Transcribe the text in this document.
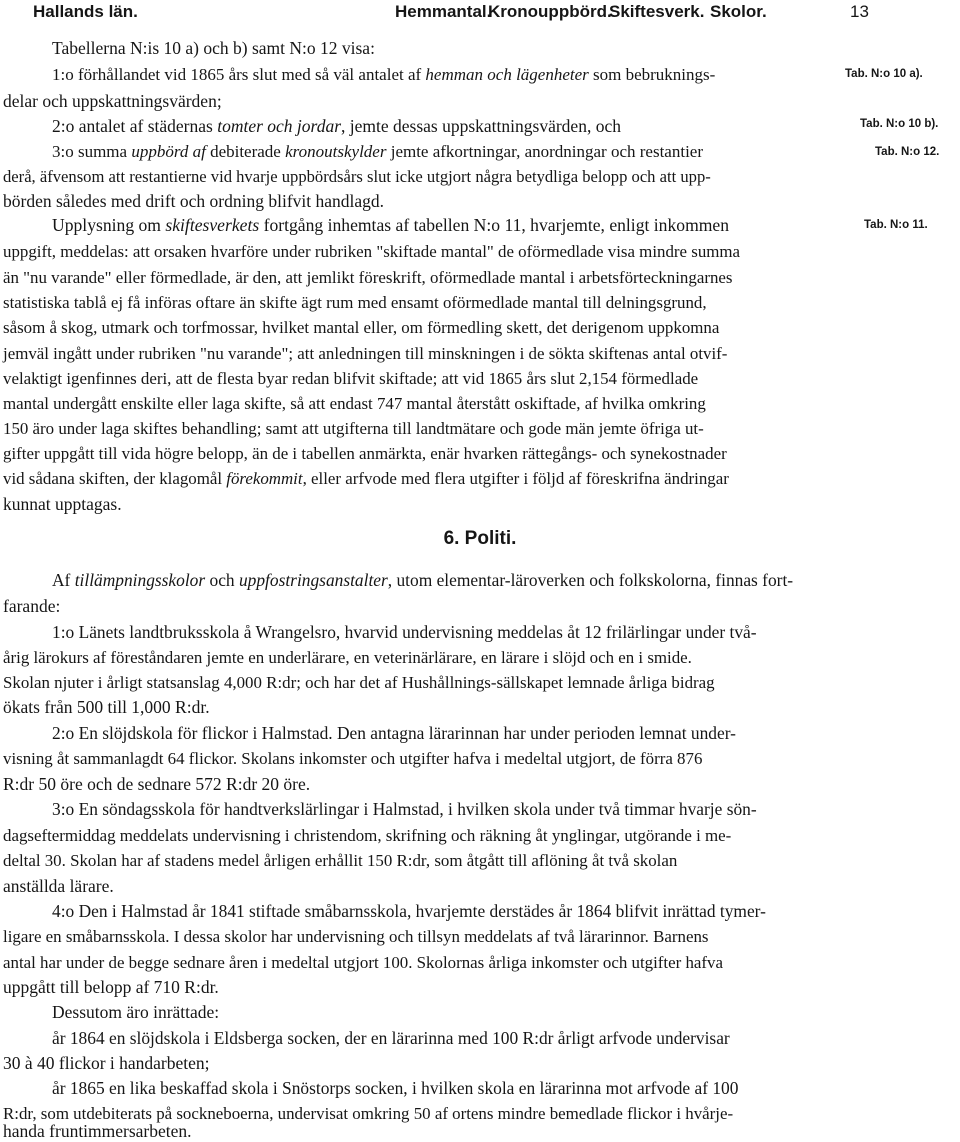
Hallands län.	Hemmantal.
Kronouppbörd.
Skiftesverk. Skolor.	13
Tab. N:o 10 a).
Tab. N:o 10 b).
Tab. N:o 12.
Tab. N:o 11.
Tabellerna N:is 10 a) och b) samt N:o 12 visa:
1:o förhållandet vid 1865 års slut med så väl antalet af hemman och lägenheter som bebruknings-
delar och uppskattningsvärden;
2:o antalet af städernas tomter och jordar, jemte dessas uppskattningsvärden, och
3:o summa uppbörd af debiterade kronoutskylder jemte afkortningar, anordningar och restantier
derå, äfvensom att restantierne vid hvarje uppbördsårs slut icke utgjort några betydliga belopp och att upp-
börden således med drift och ordning blifvit handlagd.
Upplysning om skiftesverkets fortgång inhemtas af tabellen N:o 11, hvarjemte, enligt inkommen
uppgift, meddelas: att orsaken hvarföre under rubriken "skiftade mantal" de oförmedlade visa mindre summa
än "nu varande" eller förmedlade, är den, att jemlikt föreskrift, oförmedlade mantal i arbetsförteckningarnes
statistiska tablå ej få införas oftare än skifte ägt rum med ensamt oförmedlade mantal till delningsgrund,
såsom å skog, utmark och torfmossar, hvilket mantal eller, om förmedling skett, det derigenom uppkomna
jemväl ingått under rubriken "nu varande"; att anledningen till minskningen i de sökta skiftenas antal otvif-
velaktigt igenfinnes deri, att de flesta byar redan blifvit skiftade; att vid 1865 års slut 2,154 förmedlade
mantal undergått enskilte eller laga skifte, så att endast 747 mantal återstått oskiftade, af hvilka omkring
150 äro under laga skiftes behandling; samt att utgifterna till landtmätare och gode män jemte öfriga ut-
gifter uppgått till vida högre belopp, än de i tabellen anmärkta, enär hvarken rättegångs- och synekostnader
vid sådana skiften, der klagomål förekommit, eller arfvode med flera utgifter i följd af föreskrifna ändringar
kunnat upptagas.
6. Politi.
Af tillämpningsskolor och uppfostringsanstalter, utom elementar-läroverken och folkskolorna, finnas fort-
farande:
1:o Länets landtbruksskola å Wrangelsro, hvarvid undervisning meddelas åt 12 frilärlingar under två-
årig lärokurs af föreståndaren jemte en underlärare, en veterinärlärare, en lärare i slöjd och en i smide.
Skolan njuter i årligt statsanslag 4,000 R:dr; och har det af Hushållnings-sällskapet lemnade årliga bidrag
ökats från 500 till 1,000 R:dr.
2:o En slöjdskola för flickor i Halmstad. Den antagna lärarinnan har under perioden lemnat under-
visning åt sammanlagdt 64 flickor. Skolans inkomster och utgifter hafva i medeltal utgjort, de förra 876
R:dr 50 öre och de sednare 572 R:dr 20 öre.
3:o En söndagsskola för handtverkslärlingar i Halmstad, i hvilken skola under två timmar hvarje sön-
dagseftermiddag meddelats undervisning i christendom, skrifning och räkning åt ynglingar, utgörande i me-
deltal 30. Skolan har af stadens medel årligen erhållit 150 R:dr, som åtgått till aflöning åt två skolan
anställda lärare.
4:o Den i Halmstad år 1841 stiftade småbarnsskola, hvarjemte derstädes år 1864 blifvit inrättad tymer-
ligare en småbarnsskola. I dessa skolor har undervisning och tillsyn meddelats af två lärarinnor. Barnens
antal har under de begge sednare åren i medeltal utgjort 100. Skolornas årliga inkomster och utgifter hafva
uppgått till belopp af 710 R:dr.
Dessutom äro inrättade:
år 1864 en slöjdskola i Eldsberga socken, der en lärarinna med 100 R:dr årligt arfvode undervisar
30 à 40 flickor i handarbeten;
år 1865 en lika beskaffad skola i Snöstorps socken, i hvilken skola en lärarinna mot arfvode af 100
R:dr, som utdebiterats på sockneboerna, undervisat omkring 50 af ortens mindre bemedlade flickor i hvårje-
handa fruntimmersarbeten.
